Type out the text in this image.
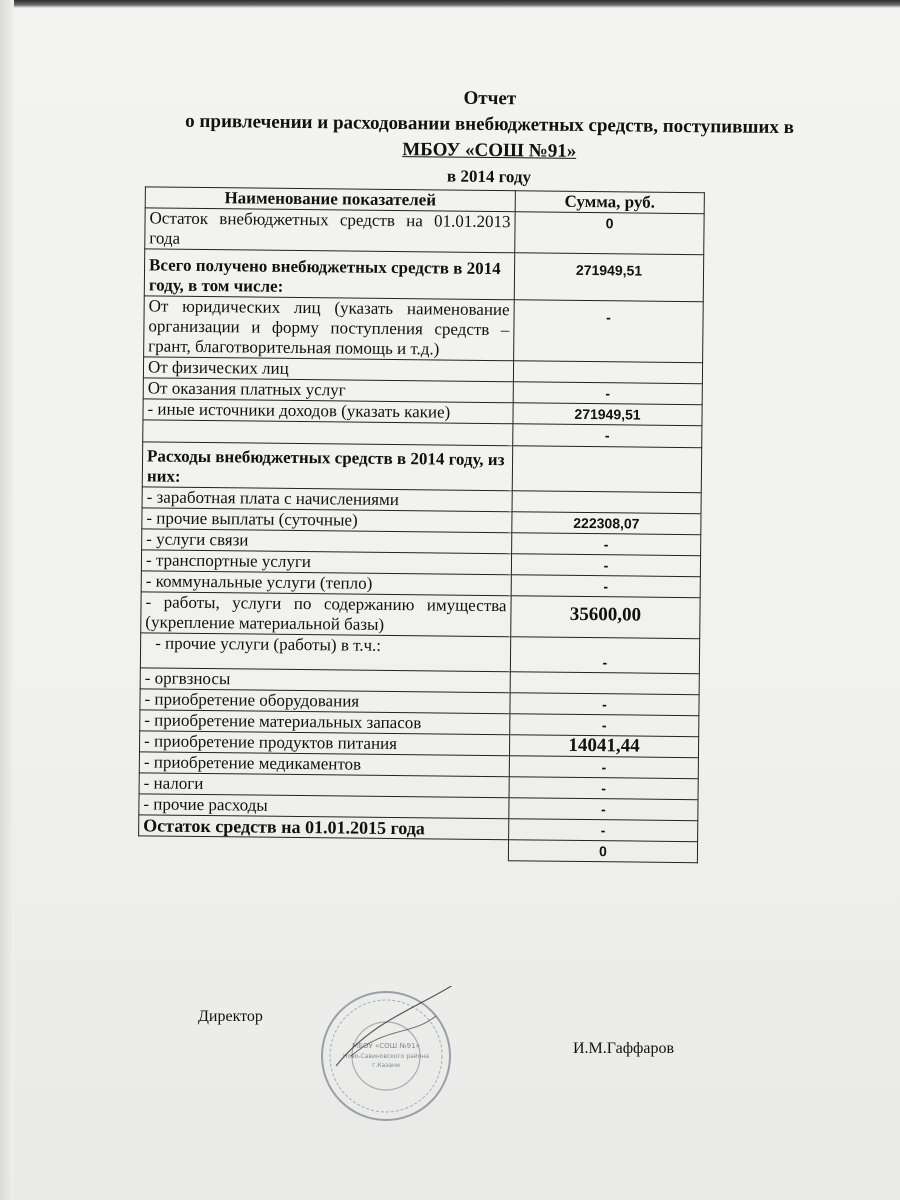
Отчет
о привлечении и расходовании внебюджетных средств, поступивших в
МБОУ «СОШ №91»
в 2014 году
Наименование показателей	Сумма, руб.
Остаток внебюджетных средств на 01.01.2013 года	0
Всего получено внебюджетных средств в 2014 году, в том числе:	271949,51
От юридических лиц (указать наименование организации и форму поступления средств – грант, благотворительная помощь и т.д.)	-
От физических лиц	
От оказания платных услуг	-
- иные источники доходов (указать какие)	271949,51
	-
Расходы внебюджетных средств в 2014 году, из них:	
- заработная плата с начислениями	
- прочие выплаты (суточные)	222308,07
- услуги связи	-
- транспортные услуги	-
- коммунальные услуги (тепло)	-
- работы, услуги по содержанию имущества (укрепление материальной базы)	35600,00
- прочие услуги (работы) в т.ч.:	-
- оргвзносы	
- приобретение оборудования	-
- приобретение материальных запасов	-
- приобретение продуктов питания	14041,44
- приобретение медикаментов	-
- налоги	-
- прочие расходы	-
Остаток средств на 01.01.2015 года	-
	0
Директор
МБОУ «СОШ №91»
Ново-Савиновского района
г.Казани
И.М.Гаффаров
